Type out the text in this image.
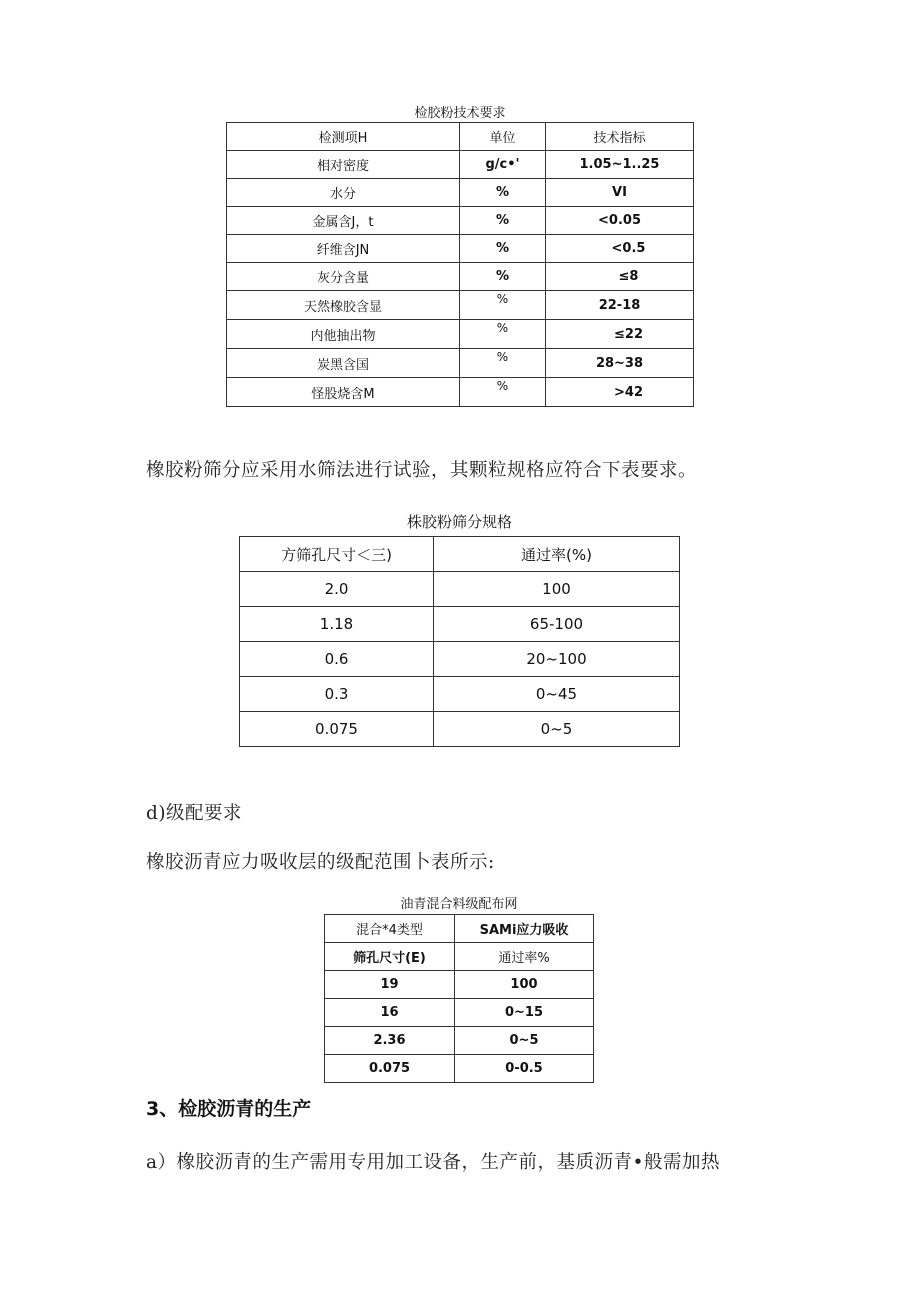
检胶粉技术要求
检测项H	单位	技术指标
相对密度	g/c•'	1.05~1..25
水分	%	VI
金属含J，t	%	<0.05
纤维含JN	%	<0.5
灰分含量	%	≤8
天然橡胶含显	%	22-18
内他抽出物	%	≤22
炭黑含国	%	28~38
怪股烧含M	%	>42
橡胶粉筛分应采用水筛法进行试验，其颗粒规格应符合下表要求。
株胶粉筛分规格
方筛孔尺寸＜三)	通过率(%)
2.0	100
1.18	65-100
0.6	20~100
0.3	0~45
0.075	0~5
d)级配要求
橡胶沥青应力吸收层的级配范围卜表所示:
油青混合料级配布网
混合*4类型	SAMi应力吸收
筛孔尺寸(E)	通过率%
19	100
16	0~15
2.36	0~5
0.075	0-0.5
3、检胶沥青的生产
a）橡胶沥青的生产需用专用加工设备，生产前，基质沥青•般需加热
